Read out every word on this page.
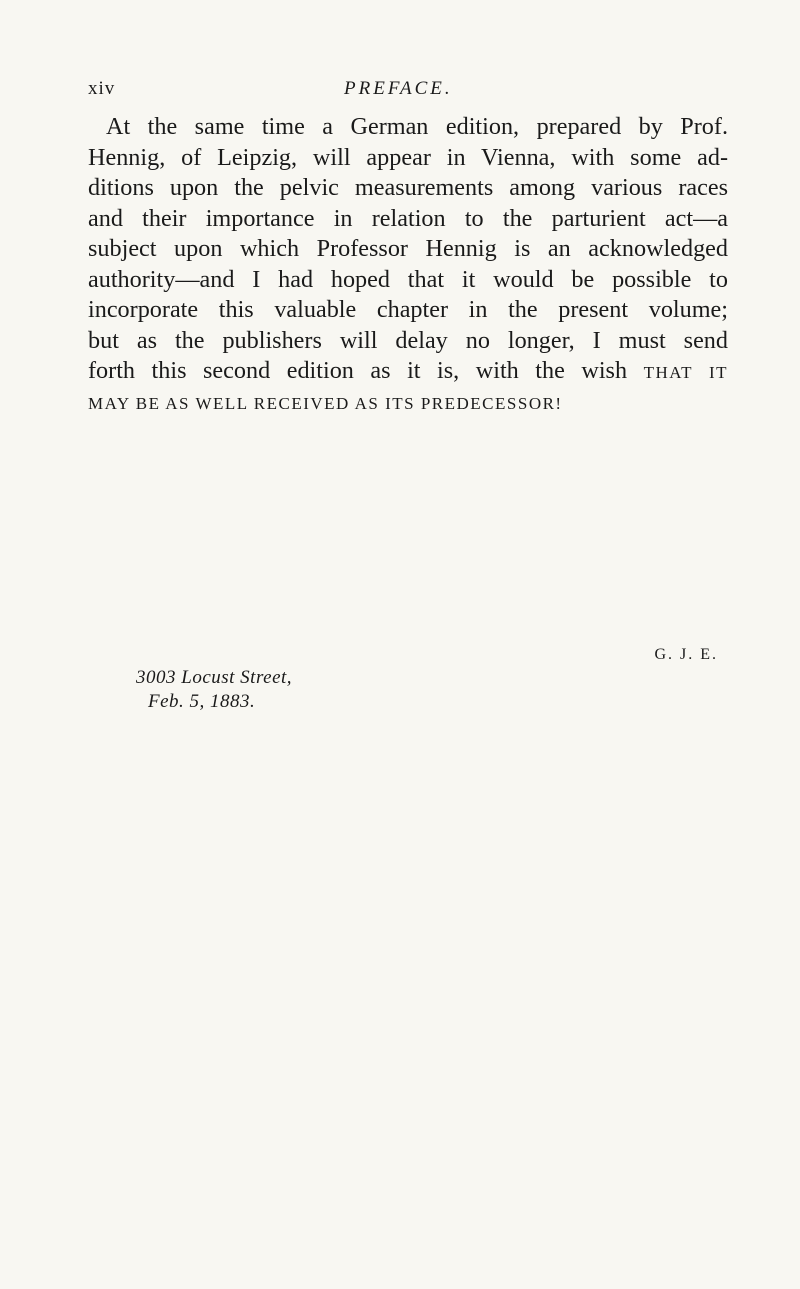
xiv	PREFACE.
At the same time a German edition, prepared by Prof.
Hennig, of Leipzig, will appear in Vienna, with some ad-
ditions upon the pelvic measurements among various races
and their importance in relation to the parturient act—a
subject upon which Professor Hennig is an acknowledged
authority—and I had hoped that it would be possible to
incorporate this valuable chapter in the present volume;
but as the publishers will delay no longer, I must send
forth this second edition as it is, with the wish THAT IT
MAY BE AS WELL RECEIVED AS ITS PREDECESSOR!
G. J. E.
3003 Locust Street,
Feb. 5, 1883.
